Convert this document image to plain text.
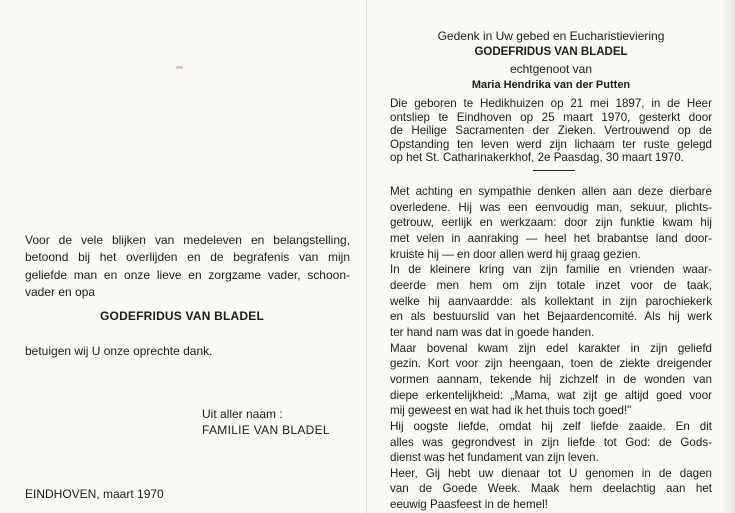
Voor de vele blijken van medeleven en belangstelling,
betoond bij het overlijden en de begrafenis van mijn
geliefde man en onze lieve en zorgzame vader, schoon-
vader en opa
GODEFRIDUS VAN BLADEL
betuigen wij U onze oprechte dank.
Uit aller naam :
FAMILIE VAN BLADEL
EINDHOVEN, maart 1970
Gedenk in Uw gebed en Eucharistieviering
GODEFRIDUS VAN BLADEL
echtgenoot van
Maria Hendrika van der Putten
Die geboren te Hedikhuizen op 21 mei 1897, in de Heer
ontsliep te Eindhoven op 25 maart 1970, gesterkt door
de Heilige Sacramenten der Zieken. Vertrouwend op de
Opstanding ten leven werd zijn lichaam ter ruste gelegd
op het St. Catharinakerkhof, 2e Paasdag, 30 maart 1970.
Met achting en sympathie denken allen aan deze dierbare
overledene. Hij was een eenvoudig man, sekuur, plichts-
getrouw, eerlijk en werkzaam: door zijn funktie kwam hij
met velen in aanraking — heel het brabantse land door-
kruiste hij — en door allen werd hij graag gezien.
In de kleinere kring van zijn familie en vrienden waar-
deerde men hem om zijn totale inzet voor de taak,
welke hij aanvaardde: als kollektant in zijn parochiekerk
en als bestuurslid van het Bejaardencomité. Als hij werk
ter hand nam was dat in goede handen.
Maar bovenal kwam zijn edel karakter in zijn geliefd
gezin. Kort voor zijn heengaan, toen de ziekte dreigender
vormen aannam, tekende hij zichzelf in de wonden van
diepe erkentelijkheid: „Mama, wat zijt ge altijd goed voor
mij geweest en wat had ik het thuis toch goed!"
Hij oogste liefde, omdat hij zelf liefde zaaide. En dit
alles was gegrondvest in zijn liefde tot God: de Gods-
dienst was het fundament van zijn leven.
Heer, Gij hebt uw dienaar tot U genomen in de dagen
van de Goede Week. Maak hem deelachtig aan het
eeuwig Paasfeest in de hemel!
